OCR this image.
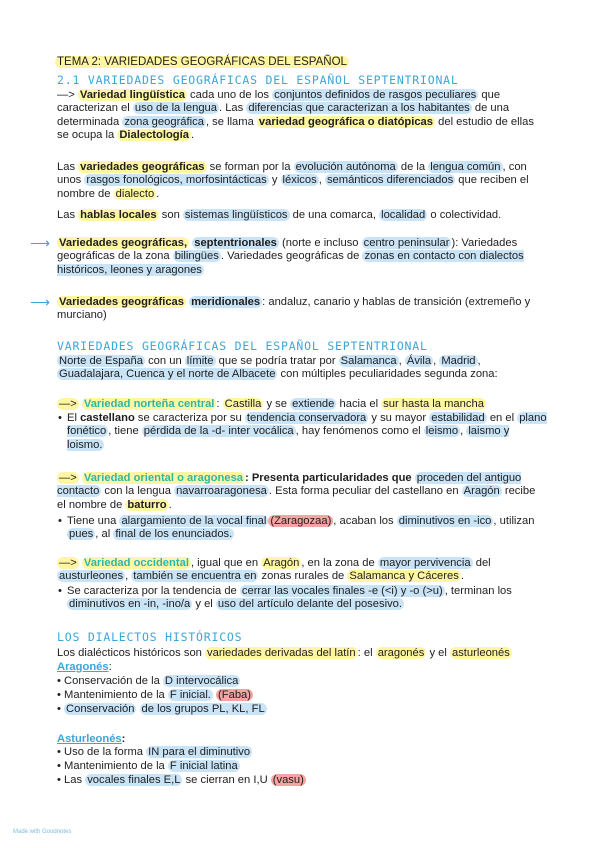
TEMA 2: VARIEDADES GEOGRÁFICAS DEL ESPAÑOL
2.1 VARIEDADES GEOGRÁFICAS DEL ESPAÑOL SEPTENTRIONAL
—> Variedad lingüística cada uno de los conjuntos definidos de rasgos peculiares que caracterizan el uso de la lengua . Las diferencias que caracterizan a los habitantes de una determinada zona geográfica , se llama variedad geográfica o diatópicas del estudio de ellas se ocupa la Dialectología .
Las variedades geográficas se forman por la evolución autónoma de la lengua común , con unos rasgos fonológicos, morfosintácticas y léxicos , semánticos diferenciados que reciben el nombre de dialecto .
Las hablas locales son sistemas lingüísticos de una comarca, localidad o colectividad.
⟶ Variedades geográficas, septentrionales (norte e incluso centro peninsular ): Variedades geográficas de la zona bilingües . Variedades geográficas de zonas en contacto con dialectos históricos, leones y aragones
⟶ Variedades geográficas meridionales : andaluz, canario y hablas de transición (extremeño y murciano)
VARIEDADES GEOGRÁFICAS DEL ESPAÑOL SEPTENTRIONAL
Norte de España con un límite que se podría tratar por Salamanca , Ávila , Madrid , Guadalajara, Cuenca y el norte de Albacete con múltiples peculiaridades segunda zona:
—> Variedad norteña central : Castilla y se extiende hacia el sur hasta la mancha
• El castellano se caracteriza por su tendencia conservadora y su mayor estabilidad en el plano fonético , tiene pérdida de la -d- inter vocálica , hay fenómenos como el leismo , laismo y loismo.
—> Variedad oriental o aragonesa : Presenta particularidades que proceden del antiguo contacto con la lengua navarroaragonesa . Esta forma peculiar del castellano en Aragón recibe el nombre de baturro .
• Tiene una alargamiento de la vocal final (Zaragozaa) , acaban los diminutivos en -ico , utilizan pues , al final de los enunciados.
—> Variedad occidental , igual que en Aragón , en la zona de mayor pervivencia del austurleones , también se encuentra en zonas rurales de Salamanca y Cáceres .
• Se caracteriza por la tendencia de cerrar las vocales finales -e (<i) y -o (>u) , terminan los diminutivos en -in, -ino/a y el uso del artículo delante del posesivo.
LOS DIALECTOS HISTÓRICOS
Los dialécticos históricos son variedades derivadas del latín : el aragonés y el asturleonés
Aragonés:
• Conservación de la D intervocálica
• Mantenimiento de la F inicial. (Faba)
• Conservación de los grupos PL, KL, FL
Asturleonés:
• Uso de la forma IN para el diminutivo
• Mantenimiento de la F inicial latina
• Las vocales finales E,L se cierran en I,U (vasu)
Made with Goodnotes
